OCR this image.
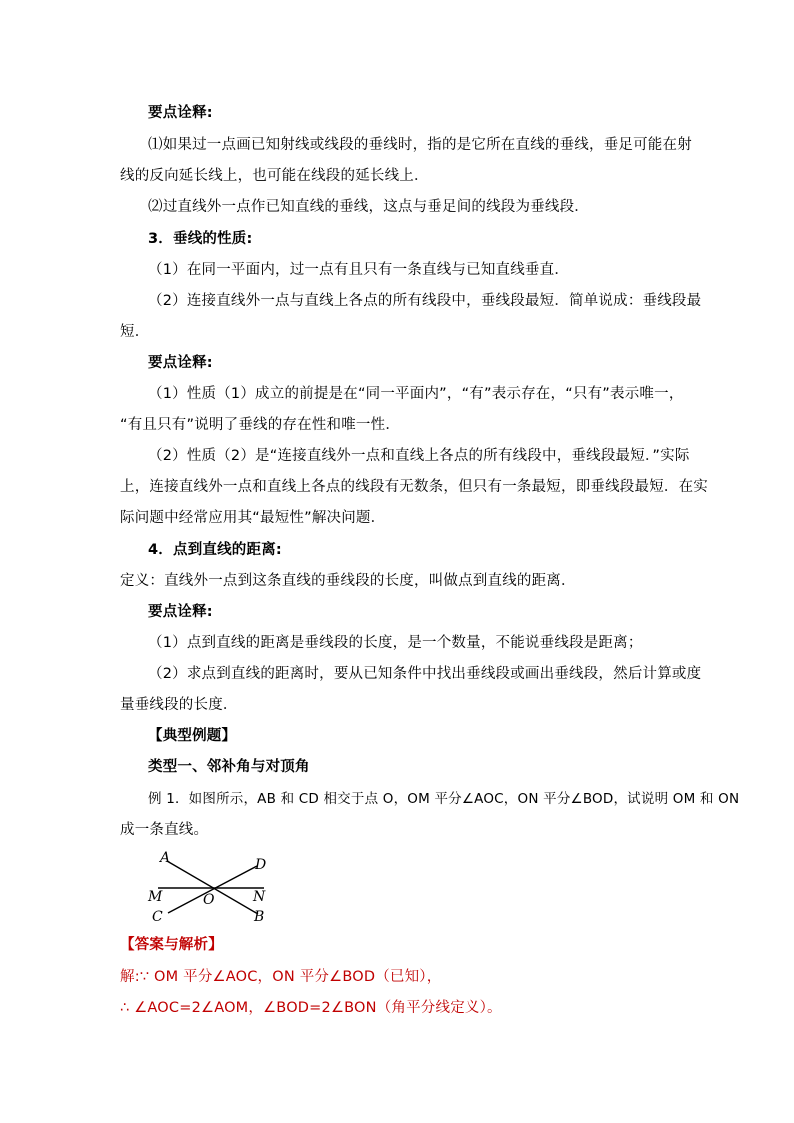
要点诠释:
⑴如果过一点画已知射线或线段的垂线时，指的是它所在直线的垂线，垂足可能在射
线的反向延长线上，也可能在线段的延长线上．
⑵过直线外一点作已知直线的垂线，这点与垂足间的线段为垂线段．
3．垂线的性质:
（1）在同一平面内，过一点有且只有一条直线与已知直线垂直．
（2）连接直线外一点与直线上各点的所有线段中，垂线段最短．简单说成：垂线段最
短．
要点诠释:
（1）性质（1）成立的前提是在“同一平面内”，“有”表示存在，“只有”表示唯一，
“有且只有”说明了垂线的存在性和唯一性．
（2）性质（2）是“连接直线外一点和直线上各点的所有线段中，垂线段最短．”实际
上，连接直线外一点和直线上各点的线段有无数条，但只有一条最短，即垂线段最短．在实
际问题中经常应用其“最短性”解决问题．
4．点到直线的距离:
定义：直线外一点到这条直线的垂线段的长度，叫做点到直线的距离．
要点诠释:
（1）点到直线的距离是垂线段的长度，是一个数量，不能说垂线段是距离；
（2）求点到直线的距离时，要从已知条件中找出垂线段或画出垂线段，然后计算或度
量垂线段的长度．
【典型例题】
类型一、邻补角与对顶角
例 1．如图所示，AB 和 CD 相交于点 O，OM 平分∠AOC，ON 平分∠BOD，试说明 OM 和 ON
成一条直线。
A	D
M	N
O
C	B
【答案与解析】
解:∵ OM 平分∠AOC，ON 平分∠BOD（已知），
∴ ∠AOC=2∠AOM，∠BOD=2∠BON（角平分线定义）。
